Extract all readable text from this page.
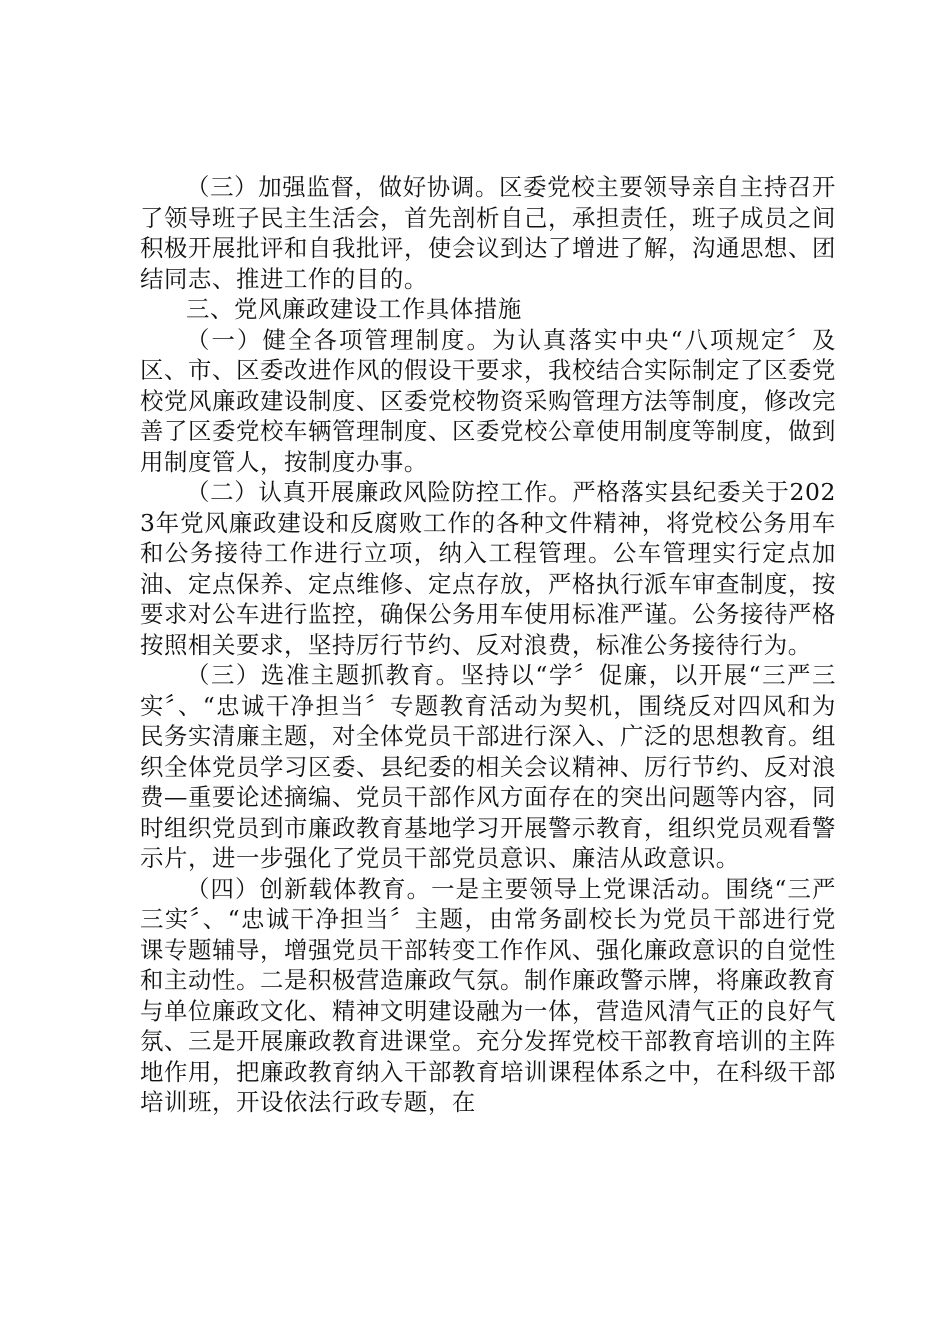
（三）加强监督，做好协调。区委党校主要领导亲自主持召开了领导班子民主生活会，首先剖析自己，承担责任，班子成员之间积极开展批评和自我批评，使会议到达了增进了解，沟通思想、团结同志、推进工作的目的。

三、党风廉政建设工作具体措施

（一）健全各项管理制度。为认真落实中央“八项规定〞及区、市、区委改进作风的假设干要求，我校结合实际制定了区委党校党风廉政建设制度、区委党校物资采购管理方法等制度，修改完善了区委党校车辆管理制度、区委党校公章使用制度等制度，做到用制度管人，按制度办事。

（二）认真开展廉政风险防控工作。严格落实县纪委关于2023年党风廉政建设和反腐败工作的各种文件精神，将党校公务用车和公务接待工作进行立项，纳入工程管理。公车管理实行定点加油、定点保养、定点维修、定点存放，严格执行派车审查制度，按要求对公车进行监控，确保公务用车使用标准严谨。公务接待严格按照相关要求，坚持厉行节约、反对浪费，标准公务接待行为。

（三）选准主题抓教育。坚持以“学〞促廉，以开展“三严三实〞、“忠诚干净担当〞专题教育活动为契机，围绕反对四风和为民务实清廉主题，对全体党员干部进行深入、广泛的思想教育。组织全体党员学习区委、县纪委的相关会议精神、厉行节约、反对浪费—重要论述摘编、党员干部作风方面存在的突出问题等内容，同时组织党员到市廉政教育基地学习开展警示教育，组织党员观看警示片，进一步强化了党员干部党员意识、廉洁从政意识。

（四）创新载体教育。一是主要领导上党课活动。围绕“三严三实〞、“忠诚干净担当〞主题，由常务副校长为党员干部进行党课专题辅导，增强党员干部转变工作作风、强化廉政意识的自觉性和主动性。二是积极营造廉政气氛。制作廉政警示牌，将廉政教育与单位廉政文化、精神文明建设融为一体，营造风清气正的良好气氛、三是开展廉政教育进课堂。充分发挥党校干部教育培训的主阵地作用，把廉政教育纳入干部教育培训课程体系之中，在科级干部培训班，开设依法行政专题，在
